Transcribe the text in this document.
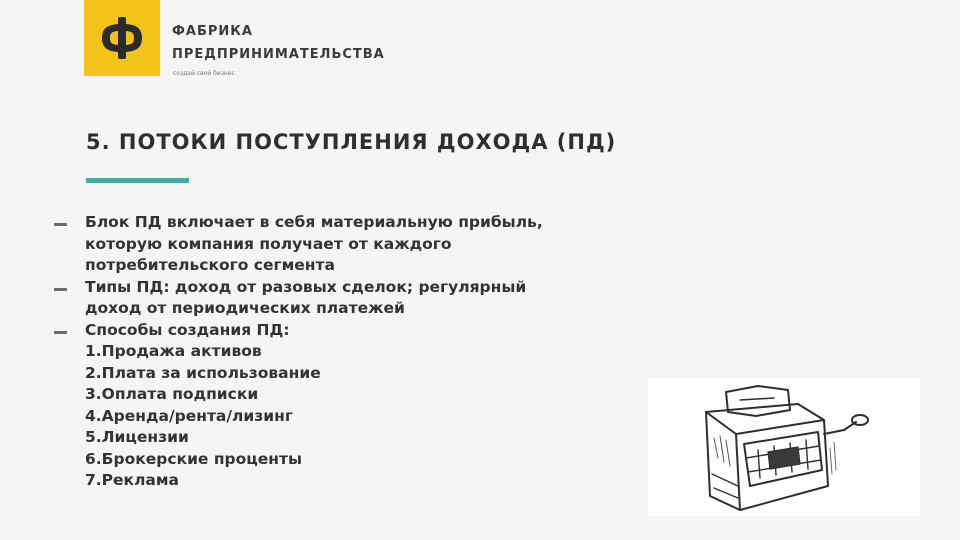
ФАБРИКА
ПРЕДПРИНИМАТЕЛЬСТВА
создай свой бизнес
5. ПОТОКИ ПОСТУПЛЕНИЯ ДОХОДА (ПД)
Блок ПД включает в себя материальную прибыль,
которую компания получает от каждого
потребительского сегмента
Типы ПД: доход от разовых сделок; регулярный
доход от периодических платежей
Способы создания ПД:
1.Продажа активов
2.Плата за использование
3.Оплата подписки
4.Аренда/рента/лизинг
5.Лицензии
6.Брокерские проценты
7.Реклама
